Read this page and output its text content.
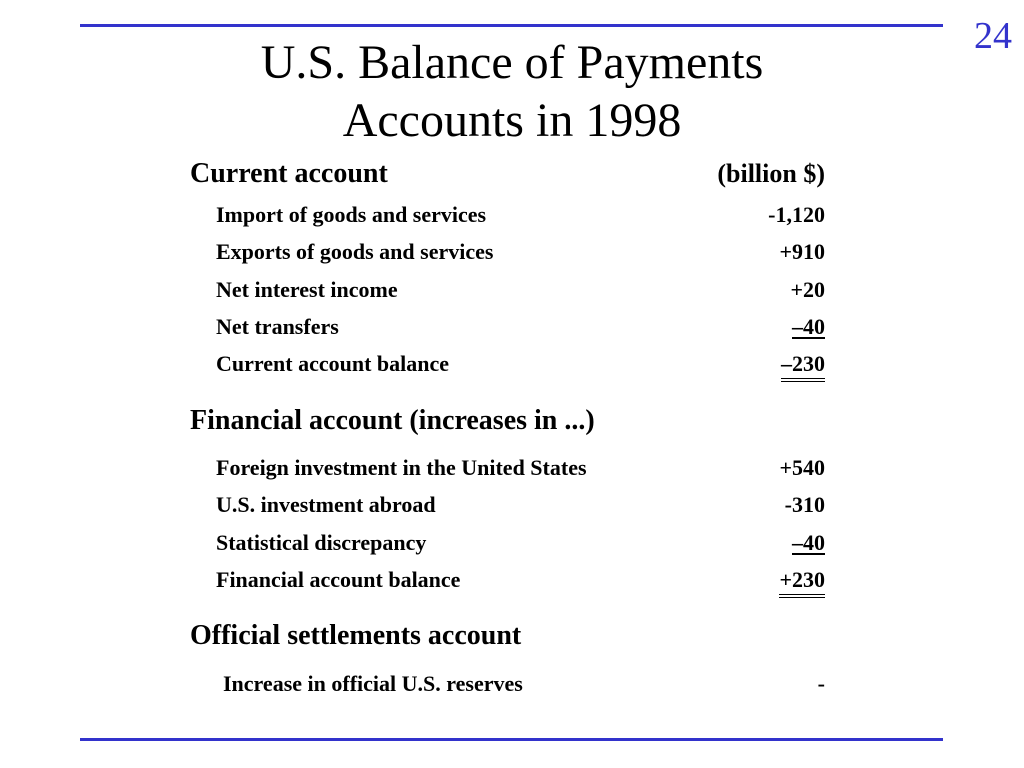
24
U.S. Balance of Payments
Accounts in 1998
Current account	(billion $)
Import of goods and services	-1,120
Exports of goods and services	+910
Net interest income	+20
Net transfers	–40
Current account balance	–230
Financial account (increases in ...)
Foreign investment in the United States	+540
U.S. investment abroad	-310
Statistical discrepancy	–40
Financial account balance	+230
Official settlements account
Increase in official U.S. reserves	-
